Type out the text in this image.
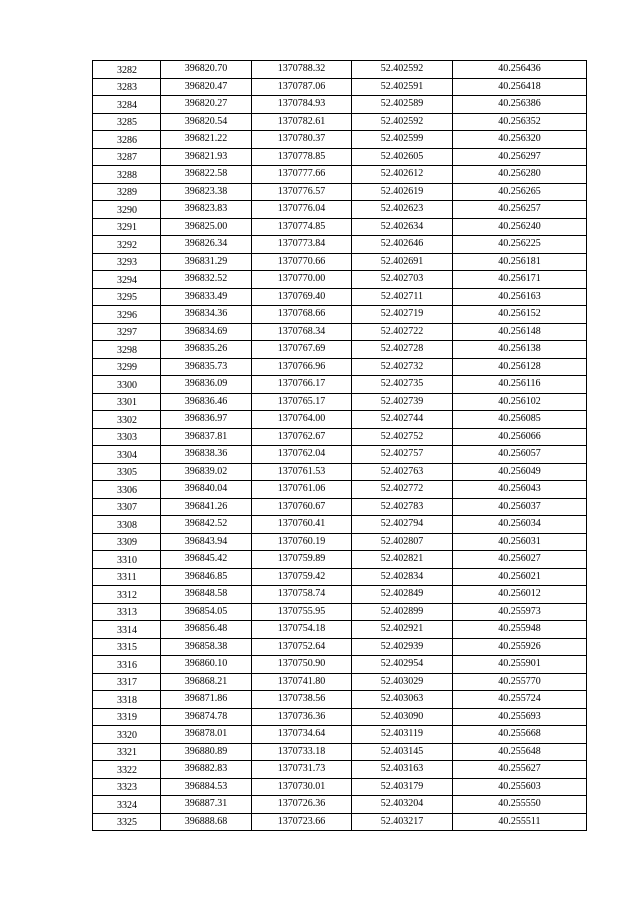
3282	396820.70	1370788.32	52.402592	40.256436
3283	396820.47	1370787.06	52.402591	40.256418
3284	396820.27	1370784.93	52.402589	40.256386
3285	396820.54	1370782.61	52.402592	40.256352
3286	396821.22	1370780.37	52.402599	40.256320
3287	396821.93	1370778.85	52.402605	40.256297
3288	396822.58	1370777.66	52.402612	40.256280
3289	396823.38	1370776.57	52.402619	40.256265
3290	396823.83	1370776.04	52.402623	40.256257
3291	396825.00	1370774.85	52.402634	40.256240
3292	396826.34	1370773.84	52.402646	40.256225
3293	396831.29	1370770.66	52.402691	40.256181
3294	396832.52	1370770.00	52.402703	40.256171
3295	396833.49	1370769.40	52.402711	40.256163
3296	396834.36	1370768.66	52.402719	40.256152
3297	396834.69	1370768.34	52.402722	40.256148
3298	396835.26	1370767.69	52.402728	40.256138
3299	396835.73	1370766.96	52.402732	40.256128
3300	396836.09	1370766.17	52.402735	40.256116
3301	396836.46	1370765.17	52.402739	40.256102
3302	396836.97	1370764.00	52.402744	40.256085
3303	396837.81	1370762.67	52.402752	40.256066
3304	396838.36	1370762.04	52.402757	40.256057
3305	396839.02	1370761.53	52.402763	40.256049
3306	396840.04	1370761.06	52.402772	40.256043
3307	396841.26	1370760.67	52.402783	40.256037
3308	396842.52	1370760.41	52.402794	40.256034
3309	396843.94	1370760.19	52.402807	40.256031
3310	396845.42	1370759.89	52.402821	40.256027
3311	396846.85	1370759.42	52.402834	40.256021
3312	396848.58	1370758.74	52.402849	40.256012
3313	396854.05	1370755.95	52.402899	40.255973
3314	396856.48	1370754.18	52.402921	40.255948
3315	396858.38	1370752.64	52.402939	40.255926
3316	396860.10	1370750.90	52.402954	40.255901
3317	396868.21	1370741.80	52.403029	40.255770
3318	396871.86	1370738.56	52.403063	40.255724
3319	396874.78	1370736.36	52.403090	40.255693
3320	396878.01	1370734.64	52.403119	40.255668
3321	396880.89	1370733.18	52.403145	40.255648
3322	396882.83	1370731.73	52.403163	40.255627
3323	396884.53	1370730.01	52.403179	40.255603
3324	396887.31	1370726.36	52.403204	40.255550
3325	396888.68	1370723.66	52.403217	40.255511
